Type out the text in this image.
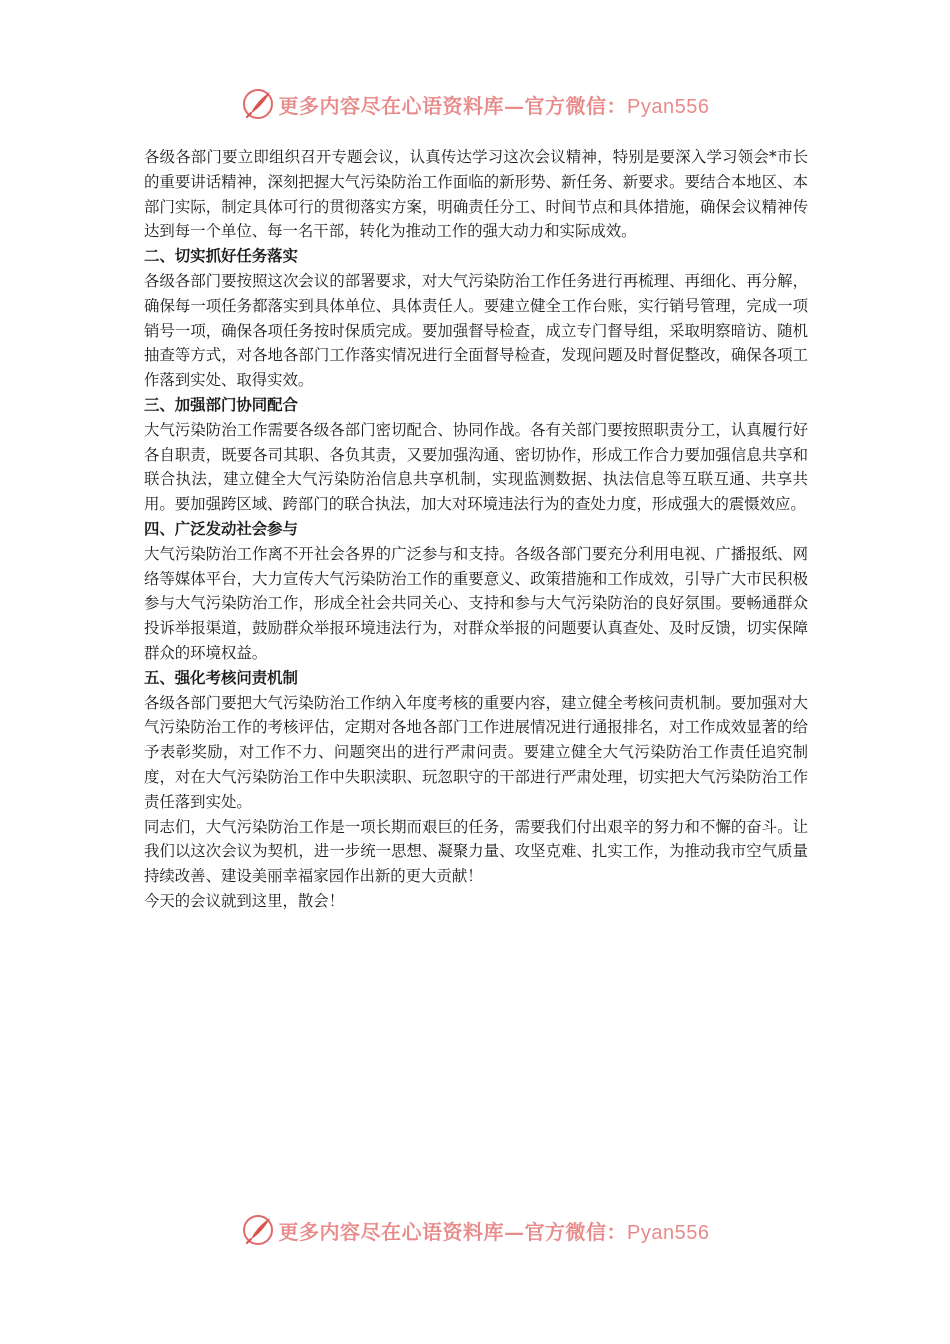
更多内容尽在心语资料库—官方微信：Pyan556

各级各部门要立即组织召开专题会议，认真传达学习这次会议精神，特别是要深入学习领会*市长的重要讲话精神，深刻把握大气污染防治工作面临的新形势、新任务、新要求。要结合本地区、本部门实际，制定具体可行的贯彻落实方案，明确责任分工、时间节点和具体措施，确保会议精神传达到每一个单位、每一名干部，转化为推动工作的强大动力和实际成效。

二、切实抓好任务落实

各级各部门要按照这次会议的部署要求，对大气污染防治工作任务进行再梳理、再细化、再分解，确保每一项任务都落实到具体单位、具体责任人。要建立健全工作台账，实行销号管理，完成一项销号一项，确保各项任务按时保质完成。要加强督导检查，成立专门督导组，采取明察暗访、随机抽查等方式，对各地各部门工作落实情况进行全面督导检查，发现问题及时督促整改，确保各项工作落到实处、取得实效。

三、加强部门协同配合

大气污染防治工作需要各级各部门密切配合、协同作战。各有关部门要按照职责分工，认真履行好各自职责，既要各司其职、各负其责，又要加强沟通、密切协作，形成工作合力要加强信息共享和联合执法，建立健全大气污染防治信息共享机制，实现监测数据、执法信息等互联互通、共享共用。要加强跨区域、跨部门的联合执法，加大对环境违法行为的查处力度，形成强大的震慑效应。

四、广泛发动社会参与

大气污染防治工作离不开社会各界的广泛参与和支持。各级各部门要充分利用电视、广播报纸、网络等媒体平台，大力宣传大气污染防治工作的重要意义、政策措施和工作成效，引导广大市民积极参与大气污染防治工作，形成全社会共同关心、支持和参与大气污染防治的良好氛围。要畅通群众投诉举报渠道，鼓励群众举报环境违法行为，对群众举报的问题要认真查处、及时反馈，切实保障群众的环境权益。

五、强化考核问责机制

各级各部门要把大气污染防治工作纳入年度考核的重要内容，建立健全考核问责机制。要加强对大气污染防治工作的考核评估，定期对各地各部门工作进展情况进行通报排名，对工作成效显著的给予表彰奖励，对工作不力、问题突出的进行严肃问责。要建立健全大气污染防治工作责任追究制度，对在大气污染防治工作中失职渎职、玩忽职守的干部进行严肃处理，切实把大气污染防治工作责任落到实处。

同志们，大气污染防治工作是一项长期而艰巨的任务，需要我们付出艰辛的努力和不懈的奋斗。让我们以这次会议为契机，进一步统一思想、凝聚力量、攻坚克难、扎实工作，为推动我市空气质量持续改善、建设美丽幸福家园作出新的更大贡献！

今天的会议就到这里，散会！

更多内容尽在心语资料库—官方微信：Pyan556
